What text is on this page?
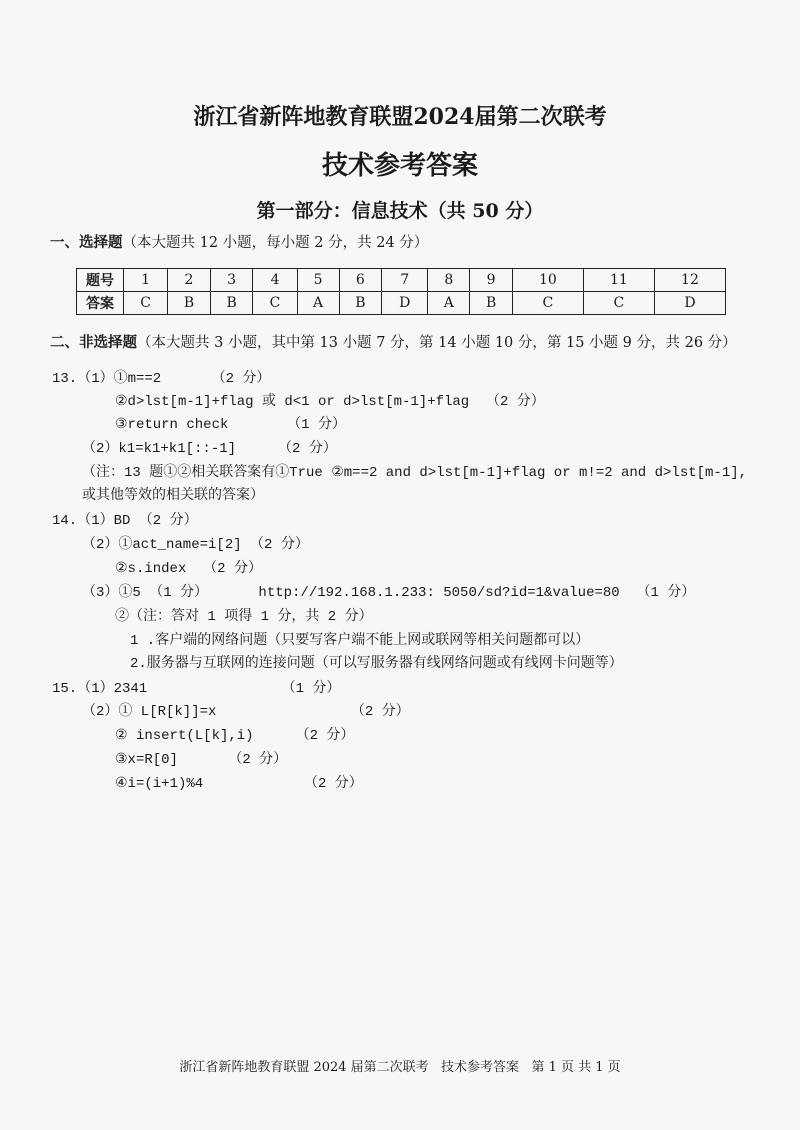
浙江省新阵地教育联盟2024届第二次联考
技术参考答案
第一部分：信息技术（共 50 分）
一、选择题（本大题共 12 小题，每小题 2 分，共 24 分）
题号	1	2	3	4	5	6	7	8	9	10	11	12
答案	C	B	B	C	A	B	D	A	B	C	C	D
二、非选择题（本大题共 3 小题，其中第 13 小题 7 分，第 14 小题 10 分，第 15 小题 9 分，共 26 分）
13.（1）①m==2      （2 分）
②d>lst[m-1]+flag 或 d<1 or d>lst[m-1]+flag  （2 分）
③return check       （1 分）
（2）k1=k1+k1[::-1]     （2 分）
（注：13 题①②相关联答案有①True ②m==2 and d>lst[m-1]+flag or m!=2 and d>lst[m-1],
或其他等效的相关联的答案）
14.（1）BD （2 分）
（2）①act_name=i[2] （2 分）
②s.index  （2 分）
（3）①5 （1 分）      http://192.168.1.233: 5050/sd?id=1&value=80  （1 分）
②（注：答对 1 项得 1 分，共 2 分）
1 .客户端的网络问题（只要写客户端不能上网或联网等相关问题都可以）
2.服务器与互联网的连接问题（可以写服务器有线网络问题或有线网卡问题等）
15.（1）2341                （1 分）
（2）① L[R[k]]=x                （2 分）
② insert(L[k],i)     （2 分）
③x=R[0]      （2 分）
④i=(i+1)%4            （2 分）
浙江省新阵地教育联盟 2024 届第二次联考   技术参考答案   第 1 页 共 1 页
